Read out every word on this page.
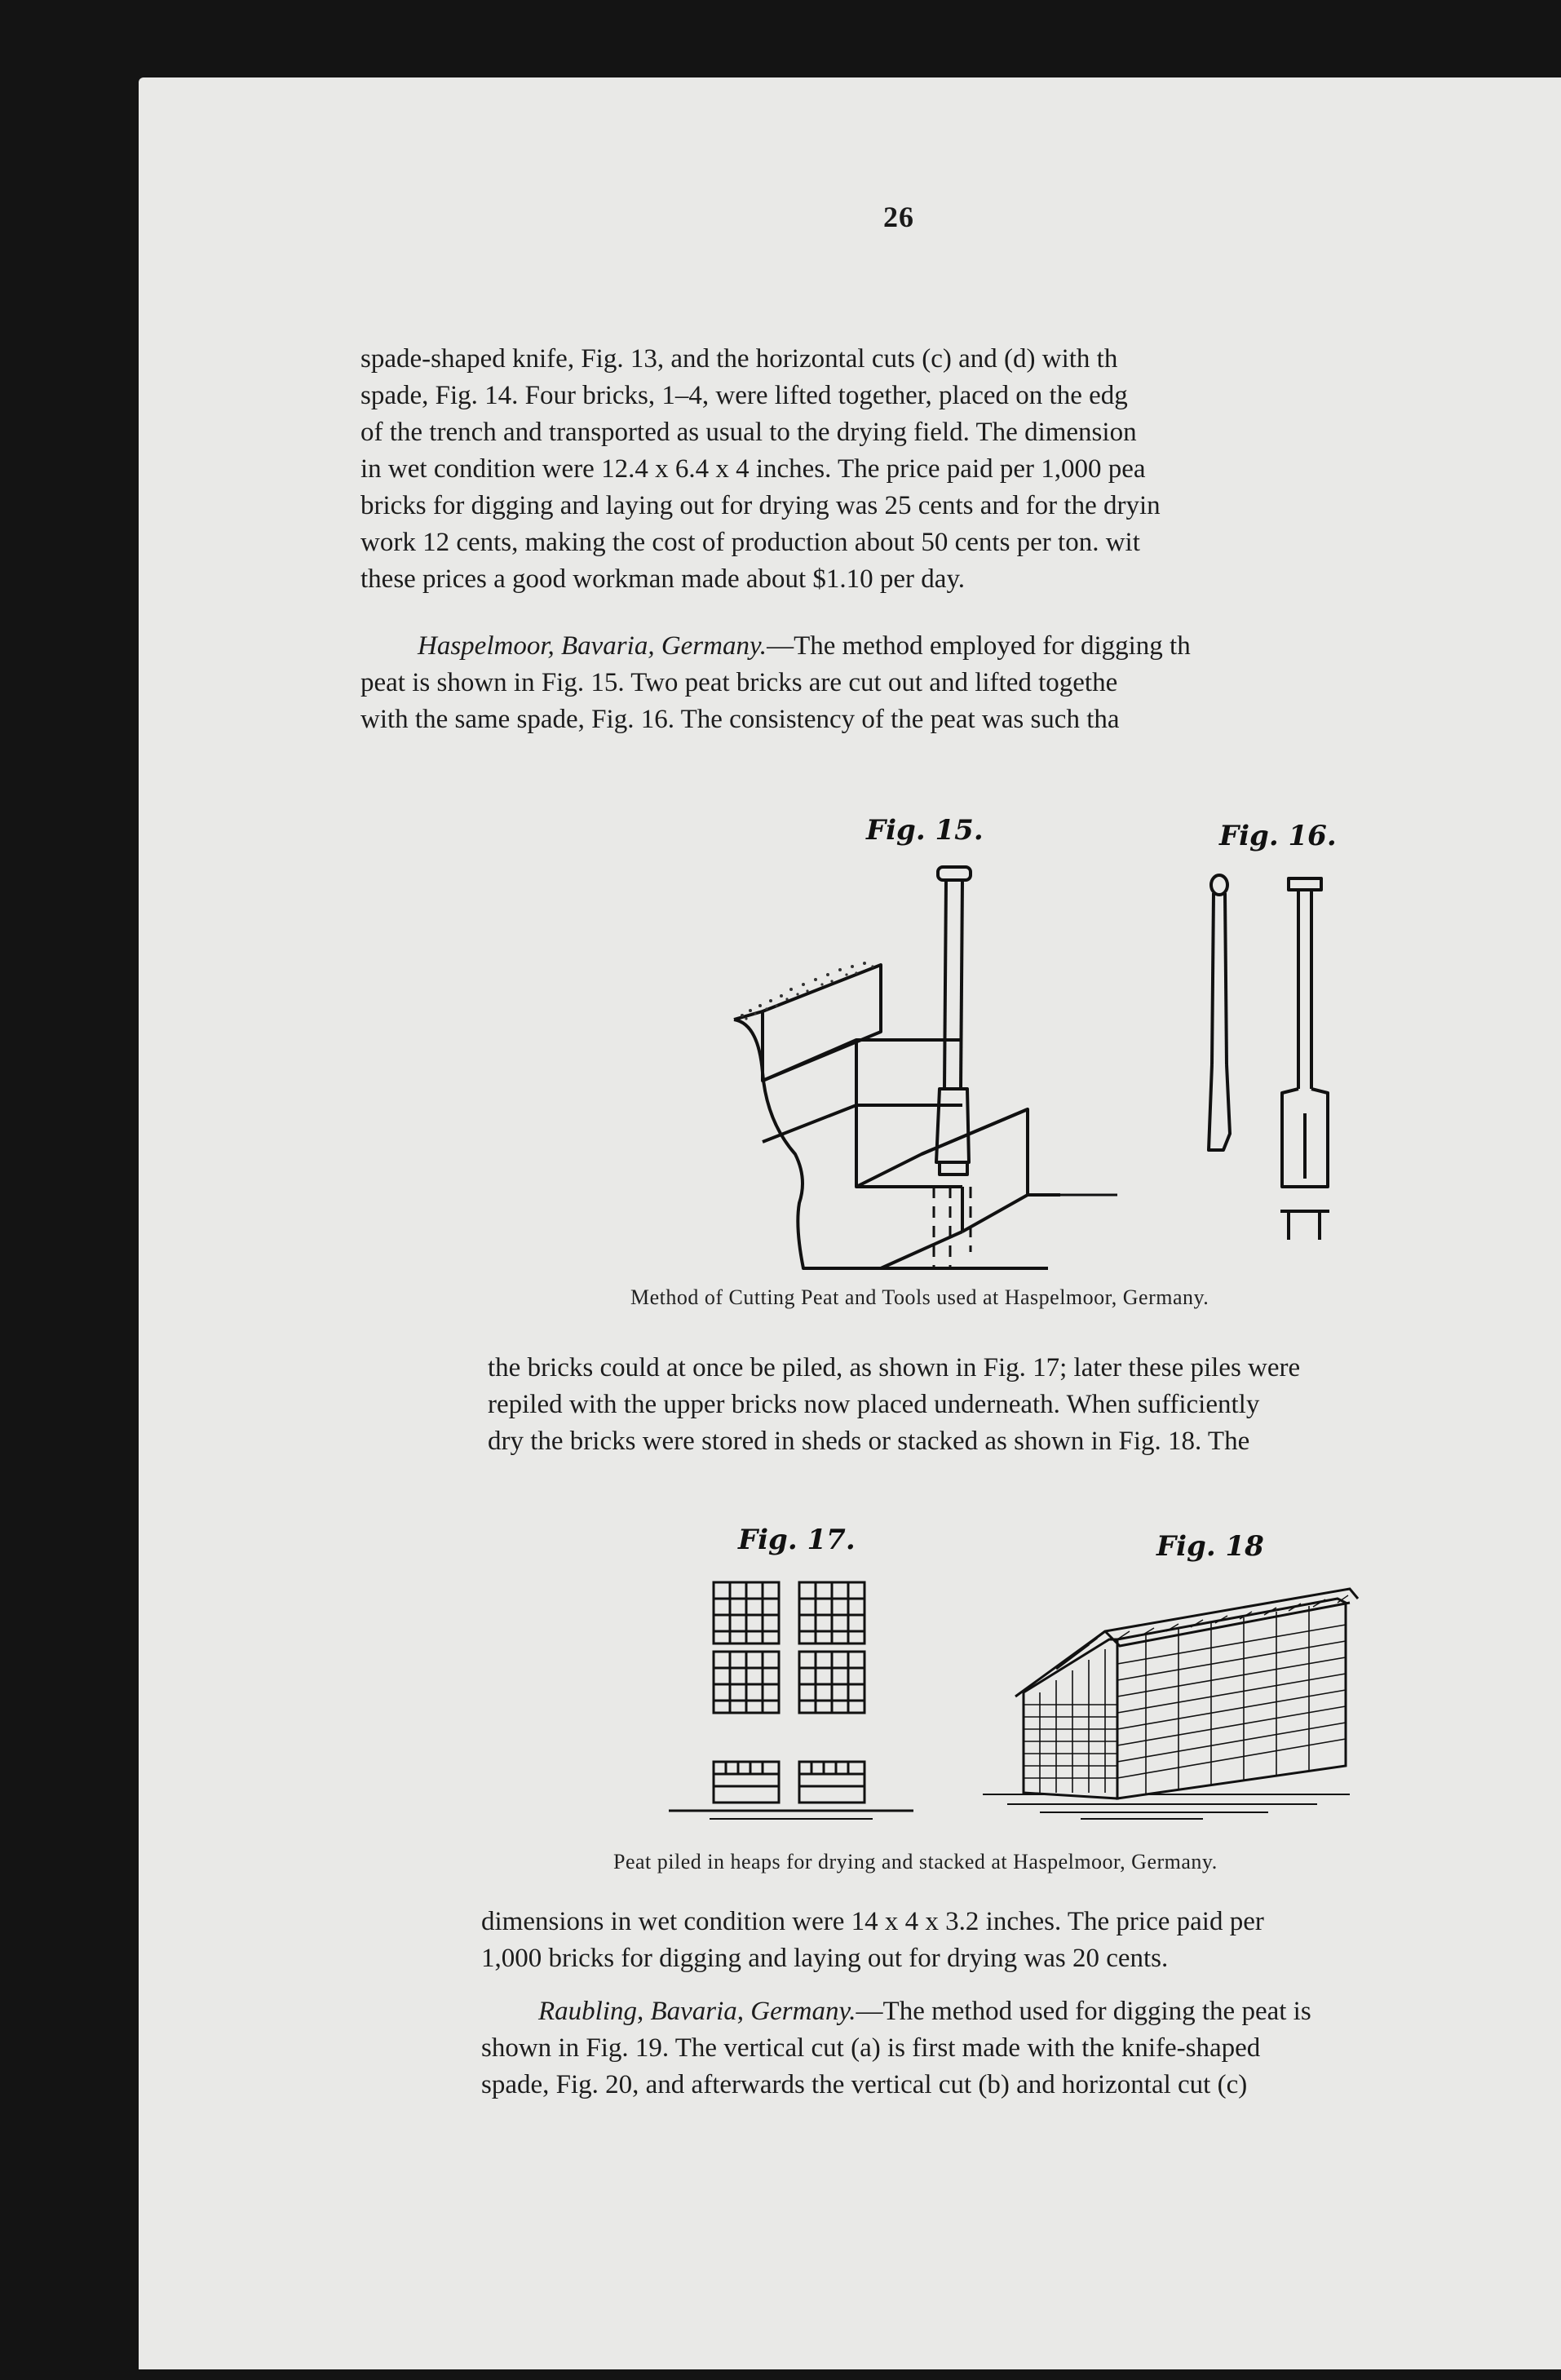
26
spade-shaped knife, Fig. 13, and the horizontal cuts (c) and (d) with th
spade, Fig. 14. Four bricks, 1–4, were lifted together, placed on the edg
of the trench and transported as usual to the drying field. The dimension
in wet condition were 12.4 x 6.4 x 4 inches. The price paid per 1,000 pea
bricks for digging and laying out for drying was 25 cents and for the dryin
work 12 cents, making the cost of production about 50 cents per ton. wit
these prices a good workman made about $1.10 per day.
Haspelmoor, Bavaria, Germany.—The method employed for digging th
peat is shown in Fig. 15. Two peat bricks are cut out and lifted togethe
with the same spade, Fig. 16. The consistency of the peat was such tha
Fig. 15.	Fig. 16.
Method of Cutting Peat and Tools used at Haspelmoor, Germany.
the bricks could at once be piled, as shown in Fig. 17; later these piles were
repiled with the upper bricks now placed underneath. When sufficiently
dry the bricks were stored in sheds or stacked as shown in Fig. 18. The
Fig. 17.	Fig. 18
Peat piled in heaps for drying and stacked at Haspelmoor, Germany.
dimensions in wet condition were 14 x 4 x 3.2 inches. The price paid per
1,000 bricks for digging and laying out for drying was 20 cents.
Raubling, Bavaria, Germany.—The method used for digging the peat is
shown in Fig. 19. The vertical cut (a) is first made with the knife-shaped
spade, Fig. 20, and afterwards the vertical cut (b) and horizontal cut (c)
